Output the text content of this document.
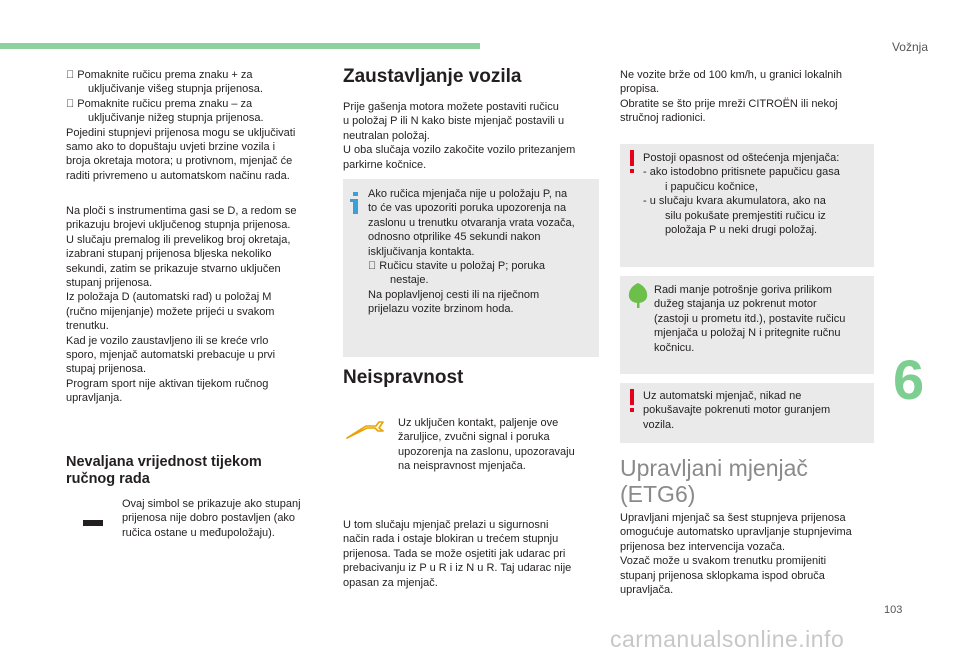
Vožnja
6
103
carmanualsonline.info
Pomaknite ručicu prema znaku + za
uključivanje višeg stupnja prijenosa.
Pomaknite ručicu prema znaku – za
uključivanje nižeg stupnja prijenosa.
Pojedini stupnjevi prijenosa mogu se uključivati
samo ako to dopuštaju uvjeti brzine vozila i
broja okretaja motora; u protivnom, mjenjač će
raditi privremeno u automatskom načinu rada.
Na ploči s instrumentima gasi se D, a redom se
prikazuju brojevi uključenog stupnja prijenosa.
U slučaju premalog ili prevelikog broj okretaja,
izabrani stupanj prijenosa bljeska nekoliko
sekundi, zatim se prikazuje stvarno uključen
stupanj prijenosa.
Iz položaja D (automatski rad) u položaj M
(ručno mijenjanje) možete prijeći u svakom
trenutku.
Kad je vozilo zaustavljeno ili se kreće vrlo
sporo, mjenjač automatski prebacuje u prvi
stupaj prijenosa.
Program sport nije aktivan tijekom ručnog
upravljanja.
Nevaljana vrijednost tijekom
ručnog rada
Ovaj simbol se prikazuje ako stupanj
prijenosa nije dobro postavljen (ako
ručica ostane u međupoložaju).
Zaustavljanje vozila
Prije gašenja motora možete postaviti ručicu
u položaj P ili N kako biste mjenjač postavili u
neutralan položaj.
U oba slučaja vozilo zakočite vozilo pritezanjem
parkirne kočnice.
Ako ručica mjenjača nije u položaju P, na
to će vas upozoriti poruka upozorenja na
zaslonu u trenutku otvaranja vrata vozača,
odnosno otprilike 45 sekundi nakon
isključivanja kontakta.
Ručicu stavite u položaj P; poruka
nestaje.
Na poplavljenoj cesti ili na riječnom
prijelazu vozite brzinom hoda.
Neispravnost
Uz uključen kontakt, paljenje ove
žaruljice, zvučni signal i poruka
upozorenja na zaslonu, upozoravaju
na neispravnost mjenjača.
U tom slučaju mjenjač prelazi u sigurnosni
način rada i ostaje blokiran u trećem stupnju
prijenosa. Tada se može osjetiti jak udarac pri
prebacivanju iz P u R i iz N u R. Taj udarac nije
opasan za mjenjač.
Ne vozite brže od 100 km/h, u granici lokalnih
propisa.
Obratite se što prije mreži CITROËN ili nekoj
stručnoj radionici.
Postoji opasnost od oštećenja mjenjača:
- ako istodobno pritisnete papučicu gasa
i papučicu kočnice,
- u slučaju kvara akumulatora, ako na
silu pokušate premjestiti ručicu iz
položaja P u neki drugi položaj.
Radi manje potrošnje goriva prilikom
dužeg stajanja uz pokrenut motor
(zastoji u prometu itd.), postavite ručicu
mjenjača u položaj N i pritegnite ručnu
kočnicu.
Uz automatski mjenjač, nikad ne
pokušavajte pokrenuti motor guranjem
vozila.
Upravljani mjenjač
(ETG6)
Upravljani mjenjač sa šest stupnjeva prijenosa
omogućuje automatsko upravljanje stupnjevima
prijenosa bez intervencija vozača.
Vozač može u svakom trenutku promijeniti
stupanj prijenosa sklopkama ispod obruča
upravljača.
